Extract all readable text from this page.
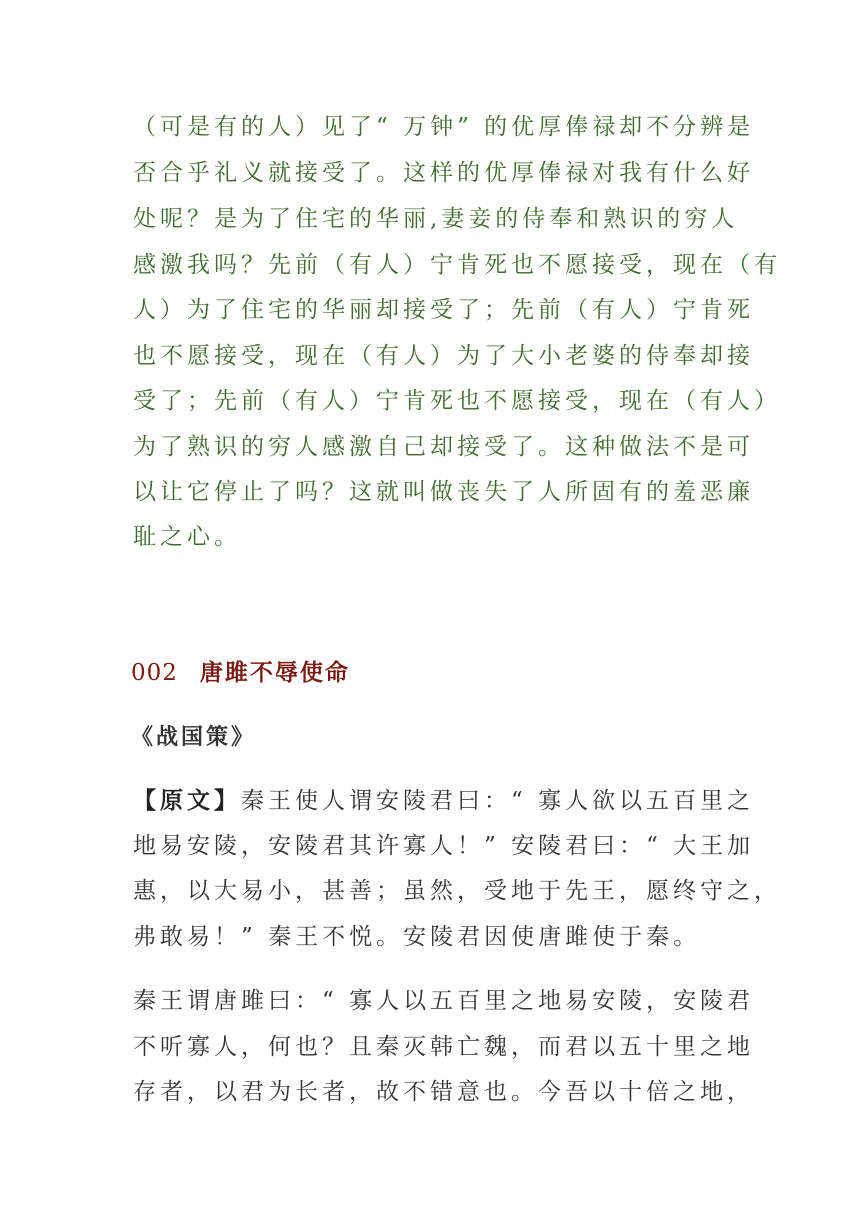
（可是有的人）见了“ 万钟” 的优厚俸禄却不分辨是
否合乎礼义就接受了。这样的优厚俸禄对我有什么好
处呢？是为了住宅的华丽,妻妾的侍奉和熟识的穷人
感激我吗？先前（有人）宁肯死也不愿接受，现在（有
人）为了住宅的华丽却接受了；先前（有人）宁肯死
也不愿接受，现在（有人）为了大小老婆的侍奉却接
受了；先前（有人）宁肯死也不愿接受，现在（有人）
为了熟识的穷人感激自己却接受了。这种做法不是可
以让它停止了吗？这就叫做丧失了人所固有的羞恶廉
耻之心。
002 唐雎不辱使命
《战国策》
【原文】秦王使人谓安陵君曰：“ 寡人欲以五百里之
地易安陵，安陵君其许寡人！” 安陵君曰：“ 大王加
惠，以大易小，甚善；虽然，受地于先王，愿终守之，
弗敢易！” 秦王不悦。安陵君因使唐雎使于秦。
秦王谓唐雎曰：“ 寡人以五百里之地易安陵，安陵君
不听寡人，何也？且秦灭韩亡魏，而君以五十里之地
存者，以君为长者，故不错意也。今吾以十倍之地，
